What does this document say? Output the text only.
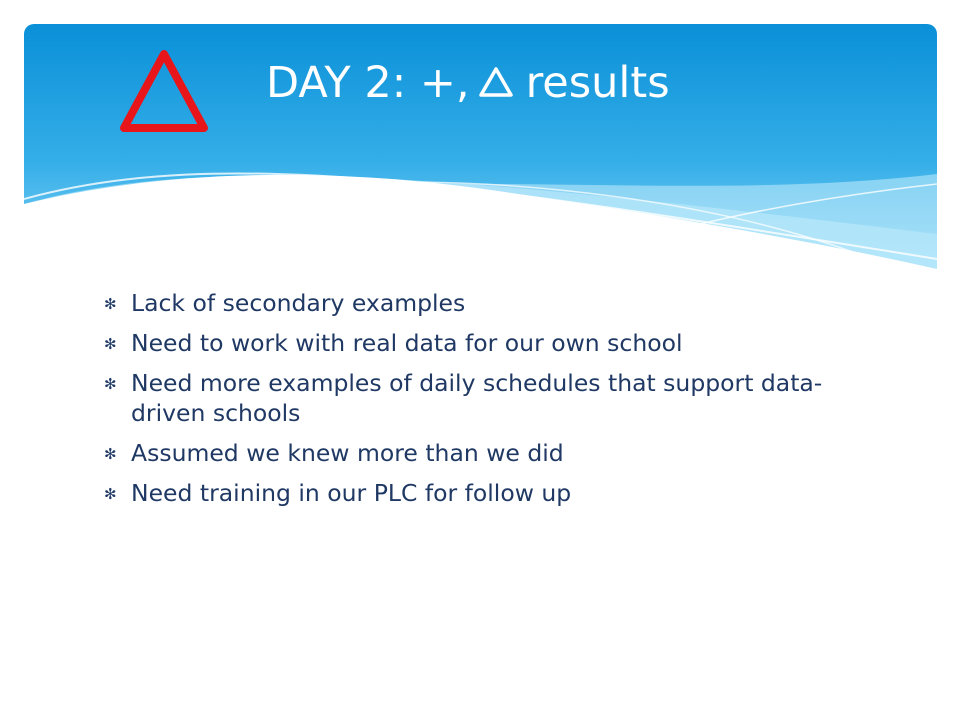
DAY 2: +, results
✻ Lack of secondary examples
✻ Need to work with real data for our own school
✻ Need more examples of daily schedules that support data-driven schools
✻ Assumed we knew more than we did
✻ Need training in our PLC for follow up
